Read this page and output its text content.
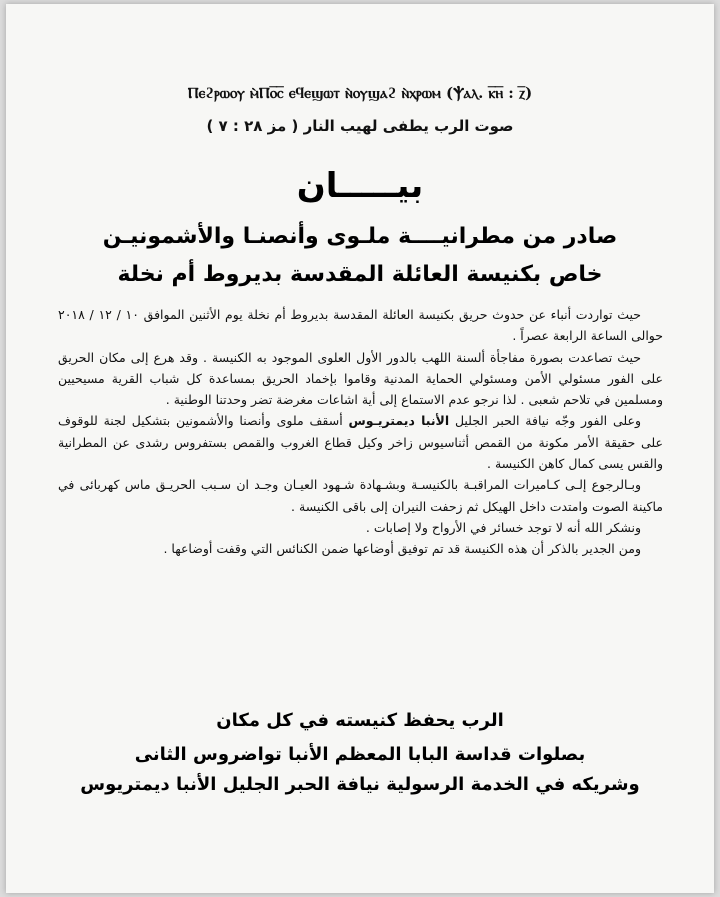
Ⲡⲉϩⲣⲱⲟⲩ ⲙ̀Ⲡⲟ̅ⲥ̅ ⲉϥⲉϣⲱⲧ ⲛ̀ⲟⲩϣⲁϩ ⲛ̀ⲭⲣⲱⲙ (Ⲯⲁⲗ. ⲕ̅ⲏ̅ : ⲍ̅)
صوت الرب يطفى لهيب النار ( مز ٢٨ : ٧ )
بيـــــان
صادر من مطرانيــــة ملـوى وأنصنـا والأشمونيـن
خاص بكنيسة العائلة المقدسة بديروط أم نخلة

حيث تواردت أنباء عن حدوث حريق بكنيسة العائلة المقدسة بديروط أم نخلة يوم الأثنين الموافق ١٠ / ١٢ / ٢٠١٨ حوالى الساعة الرابعة عصراً .

حيث تصاعدت بصورة مفاجأة ألسنة اللهب بالدور الأول العلوى الموجود به الكنيسة . وقد هرع إلى مكان الحريق على الفور مسئولي الأمن ومسئولي الحماية المدنية وقاموا بإخماد الحريق بمساعدة كل شباب القرية مسيحيين ومسلمين في تلاحم شعبى . لذا نرجو عدم الاستماع إلى أية اشاعات مغرضة تضر وحدتنا الوطنية .

وعلى الفور وجّه نيافة الحبر الجليل الأنبا ديمتريـوس أسقف ملوى وأنصنا والأشمونين بتشكيل لجنة للوقوف على حقيقة الأمر مكونة من القمص أثناسيوس زاخر وكيل قطاع الغروب والقمص بستفروس رشدى عن المطرانية والقس يسى كمال كاهن الكنيسة .

وبـالرجوع إلـى كـاميرات المراقبـة بالكنيسـة وبشـهادة شـهود العيـان وجـد ان سـبب الحريـق ماس كهربائى في ماكينة الصوت وامتدت داخل الهيكل ثم زحفت النيران إلى باقى الكنيسة .

ونشكر الله أنه لا توجد خسائر في الأرواح ولا إصابات .

ومن الجدير بالذكر أن هذه الكنيسة قد تم توفيق أوضاعها ضمن الكنائس التي وقفت أوضاعها .

الرب يحفظ كنيسته في كل مكان
بصلوات قداسة البابا المعظم الأنبا تواضروس الثانى
وشريكه في الخدمة الرسولية نيافة الحبر الجليل الأنبا ديمتريوس
